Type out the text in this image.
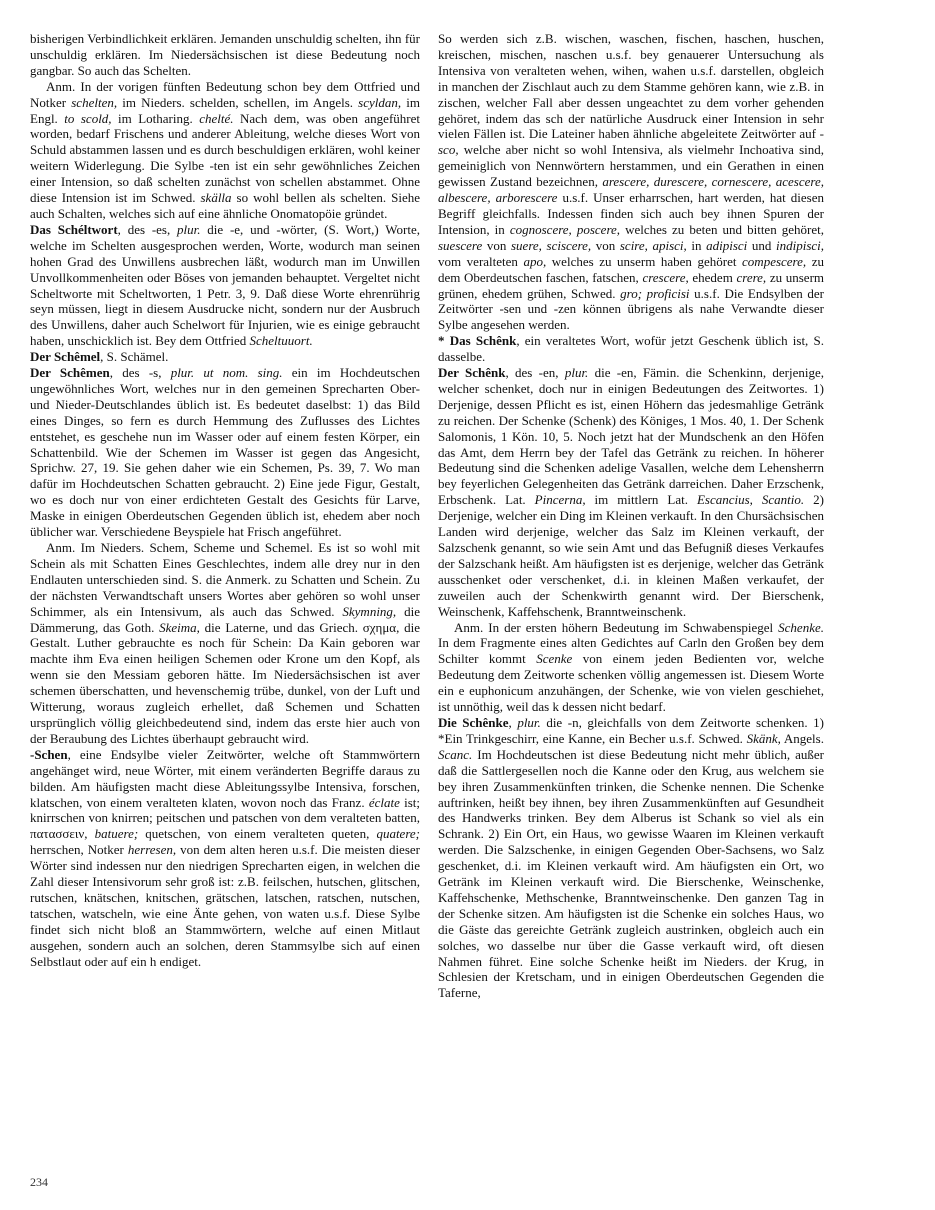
bisherigen Verbindlichkeit erklären. Jemanden unschuldig schelten, ihn für unschuldig erklären. Im Niedersächsischen ist diese Bedeutung noch gangbar. So auch das Schelten.

Anm. In der vorigen fünften Bedeutung schon bey dem Ottfried und Notker schelten, im Nieders. schelden, schellen, im Angels. scyldan, im Engl. to scold, im Lotharing. chelté. Nach dem, was oben angeführet worden, bedarf Frischens und anderer Ableitung, welche dieses Wort von Schuld abstammen lassen und es durch beschuldigen erklären, wohl keiner weitern Widerlegung. Die Sylbe -ten ist ein sehr gewöhnliches Zeichen einer Intension, so daß schelten zunächst von schellen abstammet. Ohne diese Intension ist im Schwed. skälla so wohl bellen als schelten. Siehe auch Schalten, welches sich auf eine ähnliche Onomatopöie gründet.

Das Schéltwort, des -es, plur. die -e, und -wörter, (S. Wort,) Worte, welche im Schelten ausgesprochen werden, Worte, wodurch man seinen hohen Grad des Unwillens ausbrechen läßt, wodurch man im Unwillen Unvollkommenheiten oder Böses von jemanden behauptet. Vergeltet nicht Scheltworte mit Scheltworten, 1 Petr. 3, 9. Daß diese Worte ehrenrührig seyn müssen, liegt in diesem Ausdrucke nicht, sondern nur der Ausbruch des Unwillens, daher auch Schelwort für Injurien, wie es einige gebraucht haben, unschicklich ist. Bey dem Ottfried Scheltuuort.

Der Schêmel, S. Schämel.

Der Schêmen, des -s, plur. ut nom. sing. ein im Hochdeutschen ungewöhnliches Wort, welches nur in den gemeinen Sprecharten Ober- und Nieder-Deutschlandes üblich ist. Es bedeutet daselbst: 1) das Bild eines Dinges, so fern es durch Hemmung des Zuflusses des Lichtes entstehet, es geschehe nun im Wasser oder auf einem festen Körper, ein Schattenbild. Wie der Schemen im Wasser ist gegen das Angesicht, Sprichw. 27, 19. Sie gehen daher wie ein Schemen, Ps. 39, 7. Wo man dafür im Hochdeutschen Schatten gebraucht. 2) Eine jede Figur, Gestalt, wo es doch nur von einer erdichteten Gestalt des Gesichts für Larve, Maske in einigen Oberdeutschen Gegenden üblich ist, ehedem aber noch üblicher war. Verschiedene Beyspiele hat Frisch angeführet.

Anm. Im Nieders. Schem, Scheme und Schemel. Es ist so wohl mit Schein als mit Schatten Eines Geschlechtes, indem alle drey nur in den Endlauten unterschieden sind. S. die Anmerk. zu Schatten und Schein. Zu der nächsten Verwandtschaft unsers Wortes aber gehören so wohl unser Schimmer, als ein Intensivum, als auch das Schwed. Skymning, die Dämmerung, das Goth. Skeima, die Laterne, und das Griech. σχημα, die Gestalt. Luther gebrauchte es noch für Schein: Da Kain geboren war machte ihm Eva einen heiligen Schemen oder Krone um den Kopf, als wenn sie den Messiam geboren hätte. Im Niedersächsischen ist aver schemen überschatten, und hevenschemig trübe, dunkel, von der Luft und Witterung, woraus zugleich erhellet, daß Schemen und Schatten ursprünglich völlig gleichbedeutend sind, indem das erste hier auch von der Beraubung des Lichtes überhaupt gebraucht wird.

-Schen, eine Endsylbe vieler Zeitwörter, welche oft Stammwörtern angehänget wird, neue Wörter, mit einem veränderten Begriffe daraus zu bilden. Am häufigsten macht diese Ableitungssylbe Intensiva, forschen, klatschen, von einem veralteten klaten, wovon noch das Franz. éclate ist; knirrschen von knirren; peitschen und patschen von dem veralteten batten, πατασσειν, batuere; quetschen, von einem veralteten queten, quatere; herrschen, Notker herresen, von dem alten heren u.s.f. Die meisten dieser Wörter sind indessen nur den niedrigen Sprecharten eigen, in welchen die Zahl dieser Intensivorum sehr groß ist: z.B. feilschen, hutschen, glitschen, rutschen, knätschen, knitschen, grätschen, latschen, ratschen, nutschen, tatschen, watscheln, wie eine Änte gehen, von waten u.s.f. Diese Sylbe findet sich nicht bloß an Stammwörtern, welche auf einen Mitlaut ausgehen, sondern auch an solchen, deren Stammsylbe sich auf einen Selbstlaut oder auf ein h endiget.

So werden sich z.B. wischen, waschen, fischen, haschen, huschen, kreischen, mischen, naschen u.s.f. bey genauerer Untersuchung als Intensiva von veralteten wehen, wihen, wahen u.s.f. darstellen, obgleich in manchen der Zischlaut auch zu dem Stamme gehören kann, wie z.B. in zischen, welcher Fall aber dessen ungeachtet zu dem vorher gehenden gehöret, indem das sch der natürliche Ausdruck einer Intension in sehr vielen Fällen ist. Die Lateiner haben ähnliche abgeleitete Zeitwörter auf -sco, welche aber nicht so wohl Intensiva, als vielmehr Inchoativa sind, gemeiniglich von Nennwörtern herstammen, und ein Gerathen in einen gewissen Zustand bezeichnen, arescere, durescere, cornescere, acescere, albescere, arborescere u.s.f. Unser erharrschen, hart werden, hat diesen Begriff gleichfalls. Indessen finden sich auch bey ihnen Spuren der Intension, in cognoscere, poscere, welches zu beten und bitten gehöret, suescere von suere, sciscere, von scire, apisci, in adipisci und indipisci, vom veralteten apo, welches zu unserm haben gehöret compescere, zu dem Oberdeutschen faschen, fatschen, crescere, ehedem crere, zu unserm grünen, ehedem grühen, Schwed. gro; proficisi u.s.f. Die Endsylben der Zeitwörter -sen und -zen können übrigens als nahe Verwandte dieser Sylbe angesehen werden.

* Das Schênk, ein veraltetes Wort, wofür jetzt Geschenk üblich ist, S. dasselbe.

Der Schênk, des -en, plur. die -en, Fämin. die Schenkinn, derjenige, welcher schenket, doch nur in einigen Bedeutungen des Zeitwortes. 1) Derjenige, dessen Pflicht es ist, einen Höhern das jedesmahlige Getränk zu reichen. Der Schenke (Schenk) des Königes, 1 Mos. 40, 1. Der Schenk Salomonis, 1 Kön. 10, 5. Noch jetzt hat der Mundschenk an den Höfen das Amt, dem Herrn bey der Tafel das Getränk zu reichen. In höherer Bedeutung sind die Schenken adelige Vasallen, welche dem Lehensherrn bey feyerlichen Gelegenheiten das Getränk darreichen. Daher Erzschenk, Erbschenk. Lat. Pincerna, im mittlern Lat. Escancius, Scantio. 2) Derjenige, welcher ein Ding im Kleinen verkauft. In den Chursächsischen Landen wird derjenige, welcher das Salz im Kleinen verkauft, der Salzschenk genannt, so wie sein Amt und das Befugniß dieses Verkaufes der Salzschank heißt. Am häufigsten ist es derjenige, welcher das Getränk ausschenket oder verschenket, d.i. in kleinen Maßen verkaufet, der zuweilen auch der Schenkwirth genannt wird. Der Bierschenk, Weinschenk, Kaffehschenk, Branntweinschenk.

Anm. In der ersten höhern Bedeutung im Schwabenspiegel Schenke. In dem Fragmente eines alten Gedichtes auf Carln den Großen bey dem Schilter kommt Scenke von einem jeden Bedienten vor, welche Bedeutung dem Zeitworte schenken völlig angemessen ist. Diesem Worte ein e euphonicum anzuhängen, der Schenke, wie von vielen geschiehet, ist unnöthig, weil das k dessen nicht bedarf.

Die Schênke, plur. die -n, gleichfalls von dem Zeitworte schenken. 1) *Ein Trinkgeschirr, eine Kanne, ein Becher u.s.f. Schwed. Skänk, Angels. Scanc. Im Hochdeutschen ist diese Bedeutung nicht mehr üblich, außer daß die Sattlergesellen noch die Kanne oder den Krug, aus welchem sie bey ihren Zusammenkünften trinken, die Schenke nennen. Die Schenke auftrinken, heißt bey ihnen, bey ihren Zusammenkünften auf Gesundheit des Handwerks trinken. Bey dem Alberus ist Schank so viel als ein Schrank. 2) Ein Ort, ein Haus, wo gewisse Waaren im Kleinen verkauft werden. Die Salzschenke, in einigen Gegenden Ober-Sachsens, wo Salz geschenket, d.i. im Kleinen verkauft wird. Am häufigsten ein Ort, wo Getränk im Kleinen verkauft wird. Die Bierschenke, Weinschenke, Kaffehschenke, Methschenke, Branntweinschenke. Den ganzen Tag in der Schenke sitzen. Am häufigsten ist die Schenke ein solches Haus, wo die Gäste das gereichte Getränk zugleich austrinken, obgleich auch ein solches, wo dasselbe nur über die Gasse verkauft wird, oft diesen Nahmen führet. Eine solche Schenke heißt im Nieders. der Krug, in Schlesien der Kretscham, und in einigen Oberdeutschen Gegenden die Taferne,

234
